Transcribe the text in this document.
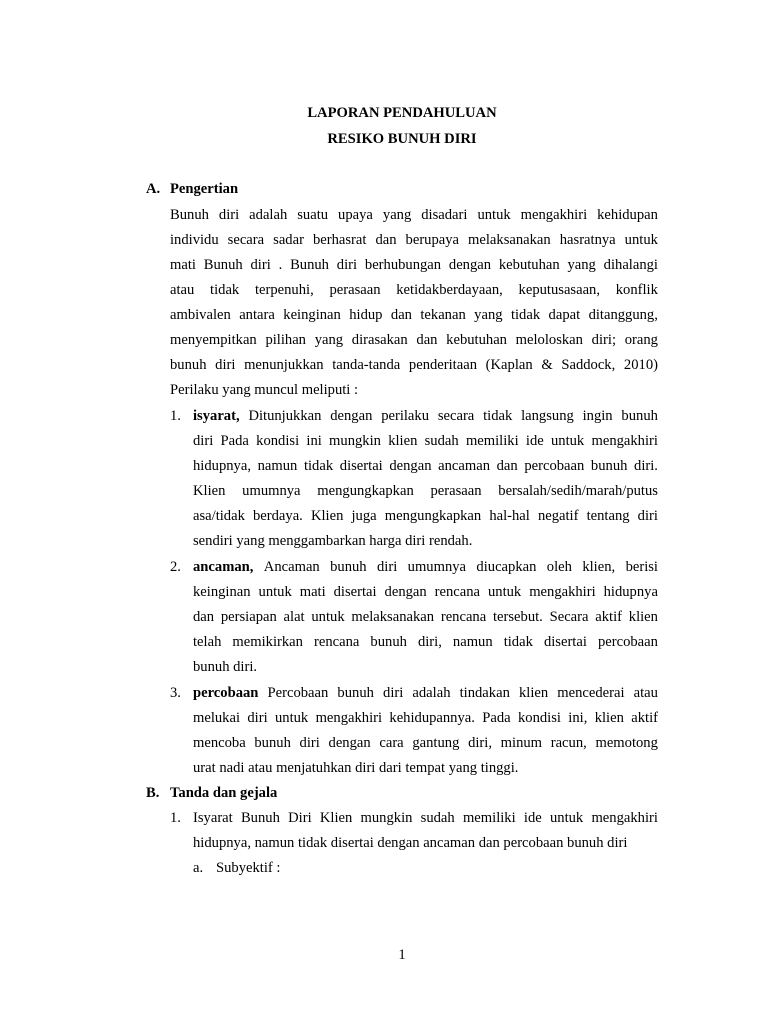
LAPORAN PENDAHULUAN
RESIKO BUNUH DIRI
A. Pengertian
Bunuh diri adalah suatu upaya yang disadari untuk mengakhiri kehidupan
individu secara sadar berhasrat dan berupaya melaksanakan hasratnya untuk
mati Bunuh diri . Bunuh diri berhubungan dengan kebutuhan yang dihalangi
atau tidak terpenuhi, perasaan ketidakberdayaan, keputusasaan, konflik
ambivalen antara keinginan hidup dan tekanan yang tidak dapat ditanggung,
menyempitkan pilihan yang dirasakan dan kebutuhan meloloskan diri; orang
bunuh diri menunjukkan tanda-tanda penderitaan (Kaplan & Saddock, 2010)
Perilaku yang muncul meliputi :
1. isyarat, Ditunjukkan dengan perilaku secara tidak langsung ingin bunuh
diri Pada kondisi ini mungkin klien sudah memiliki ide untuk mengakhiri
hidupnya, namun tidak disertai dengan ancaman dan percobaan bunuh diri.
Klien umumnya mengungkapkan perasaan bersalah/sedih/marah/putus
asa/tidak berdaya. Klien juga mengungkapkan hal-hal negatif tentang diri
sendiri yang menggambarkan harga diri rendah.
2. ancaman, Ancaman bunuh diri umumnya diucapkan oleh klien, berisi
keinginan untuk mati disertai dengan rencana untuk mengakhiri hidupnya
dan persiapan alat untuk melaksanakan rencana tersebut. Secara aktif klien
telah memikirkan rencana bunuh diri, namun tidak disertai percobaan
bunuh diri.
3. percobaan Percobaan bunuh diri adalah tindakan klien mencederai atau
melukai diri untuk mengakhiri kehidupannya. Pada kondisi ini, klien aktif
mencoba bunuh diri dengan cara gantung diri, minum racun, memotong
urat nadi atau menjatuhkan diri dari tempat yang tinggi.
B. Tanda dan gejala
1. Isyarat Bunuh Diri Klien mungkin sudah memiliki ide untuk mengakhiri
hidupnya, namun tidak disertai dengan ancaman dan percobaan bunuh diri
a. Subyektif :
1
